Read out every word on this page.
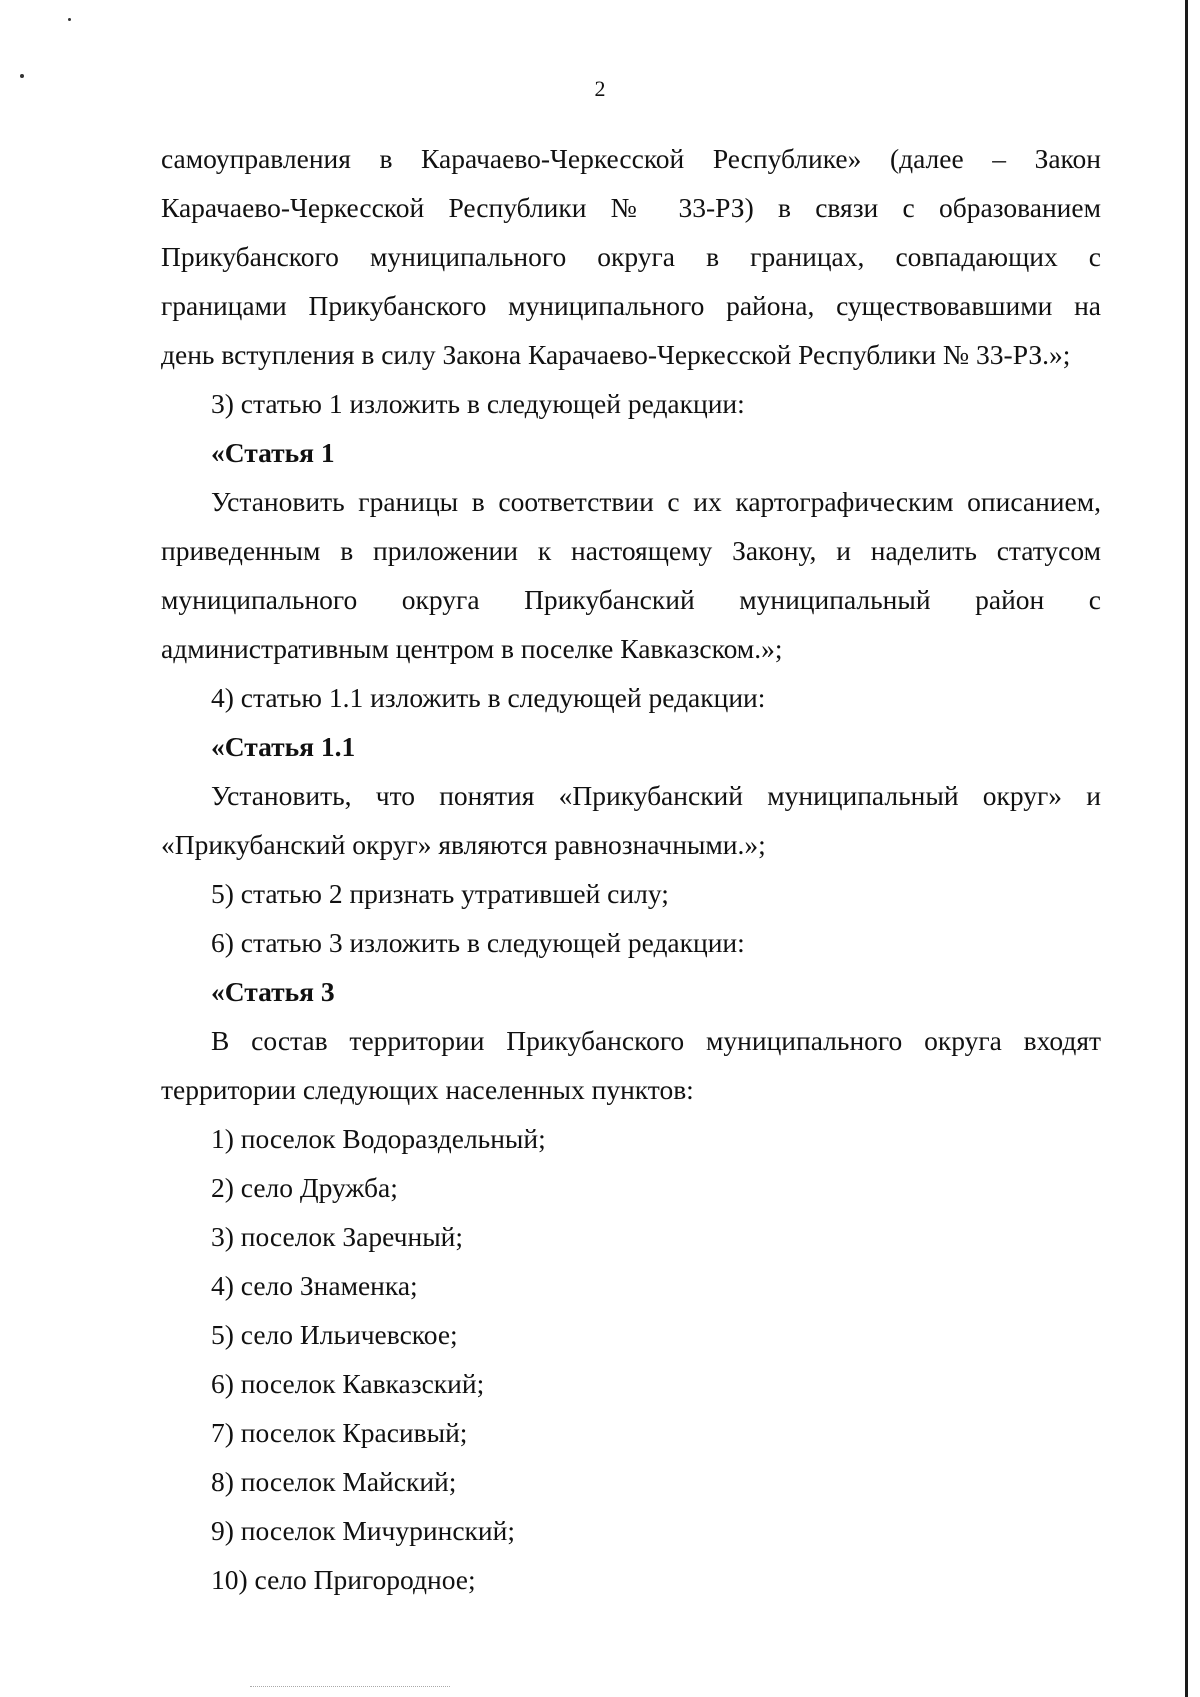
2
самоуправления в Карачаево-Черкесской Республике» (далее – Закон
Карачаево-Черкесской Республики № 33-РЗ) в связи с образованием
Прикубанского муниципального округа в границах, совпадающих с
границами Прикубанского муниципального района, существовавшими на
день вступления в силу Закона Карачаево-Черкесской Республики № 33-РЗ.»;
3) статью 1 изложить в следующей редакции:
«Статья 1
Установить границы в соответствии с их картографическим описанием,
приведенным в приложении к настоящему Закону, и наделить статусом
муниципального округа Прикубанский муниципальный район с
административным центром в поселке Кавказском.»;
4) статью 1.1 изложить в следующей редакции:
«Статья 1.1
Установить, что понятия «Прикубанский муниципальный округ» и
«Прикубанский округ» являются равнозначными.»;
5) статью 2 признать утратившей силу;
6) статью 3 изложить в следующей редакции:
«Статья 3
В состав территории Прикубанского муниципального округа входят
территории следующих населенных пунктов:
1) поселок Водораздельный;
2) село Дружба;
3) поселок Заречный;
4) село Знаменка;
5) село Ильичевское;
6) поселок Кавказский;
7) поселок Красивый;
8) поселок Майский;
9) поселок Мичуринский;
10) село Пригородное;
